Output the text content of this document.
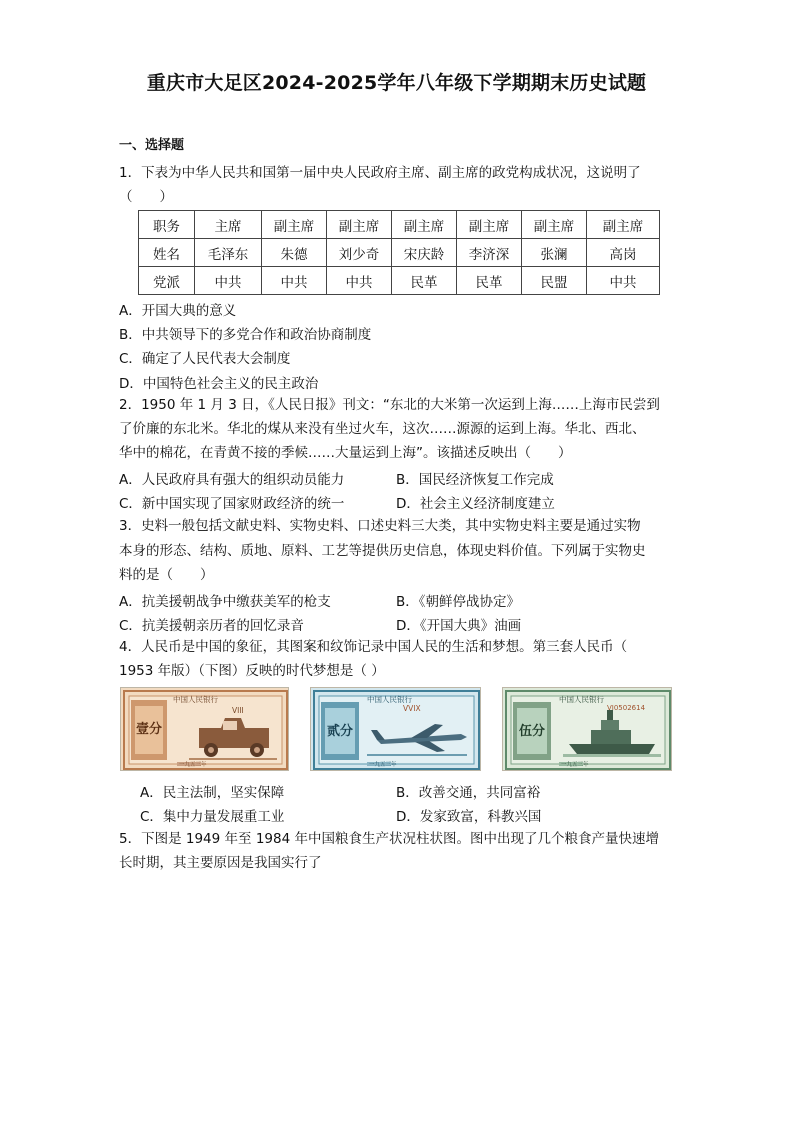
重庆市大足区2024-2025学年八年级下学期期末历史试题
一、选择题
1．下表为中华人民共和国第一届中央人民政府主席、副主席的政党构成状况，这说明了
（　　）
职务	主席	副主席	副主席	副主席	副主席	副主席	副主席
姓名	毛泽东	朱德	刘少奇	宋庆龄	李济深	张澜	高岗
党派	中共	中共	中共	民革	民革	民盟	中共
A．开国大典的意义
B．中共领导下的多党合作和政治协商制度
C．确定了人民代表大会制度
D．中国特色社会主义的民主政治
2．1950 年 1 月 3 日，《人民日报》刊文：“东北的大米第一次运到上海……上海市民尝到
了价廉的东北米。华北的煤从来没有坐过火车，这次……源源的运到上海。华北、西北、
华中的棉花，在青黄不接的季候……大量运到上海”。该描述反映出（　　）
A．人民政府具有强大的组织动员能力	B．国民经济恢复工作完成
C．新中国实现了国家财政经济的统一	D．社会主义经济制度建立
3．史料一般包括文献史料、实物史料、口述史料三大类，其中实物史料主要是通过实物
本身的形态、结构、质地、原料、工艺等提供历史信息，体现史料价值。下列属于实物史
料的是（　　）
A．抗美援朝战争中缴获美军的枪支	B．《朝鲜停战协定》
C．抗美援朝亲历者的回忆录音	D．《开国大典》油画
4．人民币是中国的象征，其图案和纹饰记录中国人民的生活和梦想。第三套人民币（
1953 年版）（下图）反映的时代梦想是（ ）
中国人民银行
壹分
VIII
一九五三年
中国人民银行
贰分
VVIX
一九五三年
中国人民银行
伍分
VI0502614
一九五三年
A．民主法制，坚实保障	B．改善交通，共同富裕
C．集中力量发展重工业	D．发家致富，科教兴国
5．下图是 1949 年至 1984 年中国粮食生产状况柱状图。图中出现了几个粮食产量快速增
长时期，其主要原因是我国实行了
